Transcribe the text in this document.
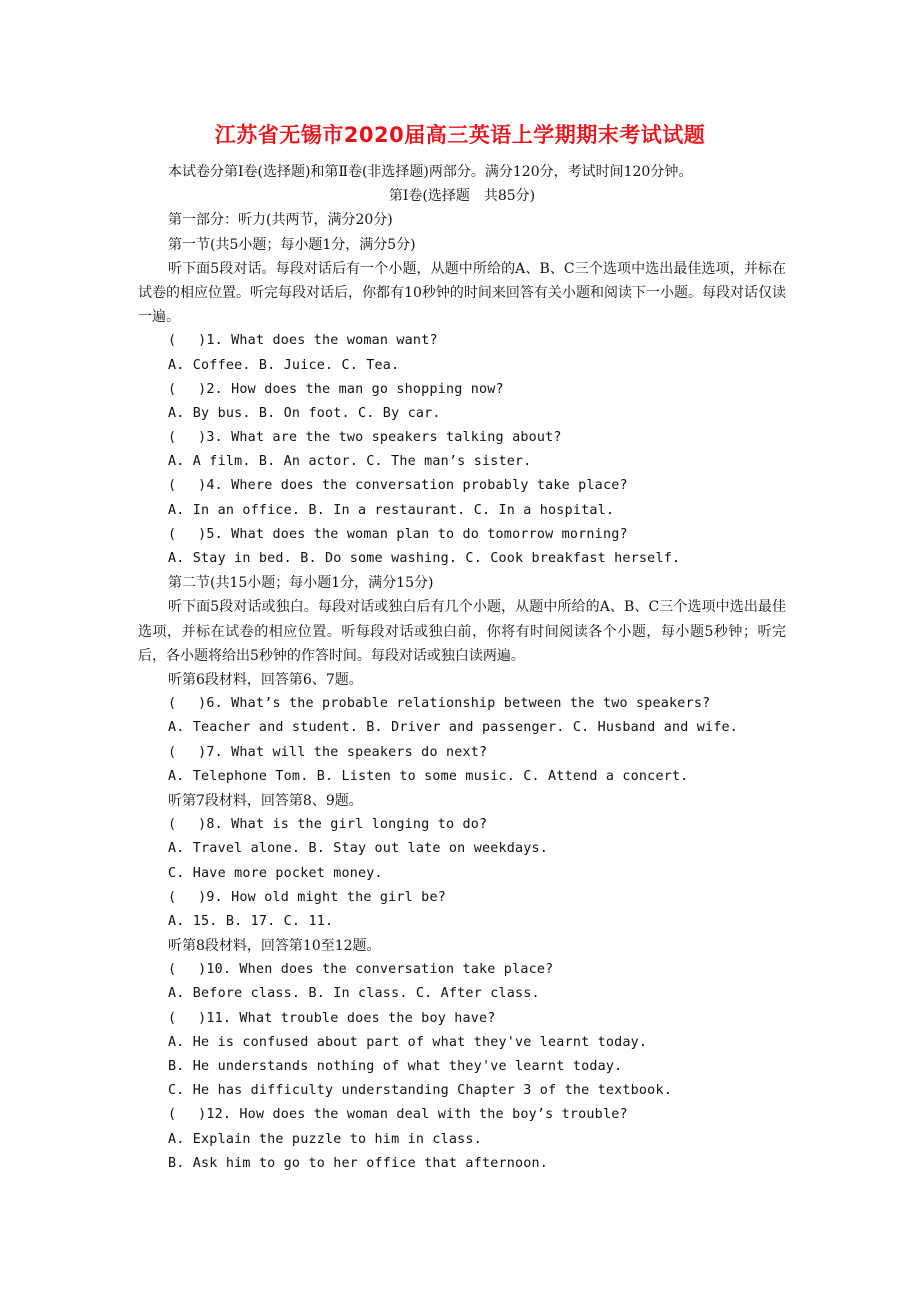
江苏省无锡市2020届高三英语上学期期末考试试题
本试卷分第Ⅰ卷(选择题)和第Ⅱ卷(非选择题)两部分。满分120分，考试时间120分钟。
第Ⅰ卷(选择题　共85分)
第一部分：听力(共两节，满分20分)
第一节(共5小题；每小题1分，满分5分)
听下面5段对话。每段对话后有一个小题，从题中所给的A、B、C三个选项中选出最佳选项，并标在试卷的相应位置。听完每段对话后，你都有10秒钟的时间来回答有关小题和阅读下一小题。每段对话仅读一遍。
(　 )1. What does the woman want?
A. Coffee. B. Juice. C. Tea.
(　 )2. How does the man go shopping now?
A. By bus. B. On foot. C. By car.
(　 )3. What are the two speakers talking about?
A. A film. B. An actor. C. The man’s sister.
(　 )4. Where does the conversation probably take place?
A. In an office. B. In a restaurant. C. In a hospital.
(　 )5. What does the woman plan to do tomorrow morning?
A. Stay in bed. B. Do some washing. C. Cook breakfast herself.
第二节(共15小题；每小题1分，满分15分)
听下面5段对话或独白。每段对话或独白后有几个小题，从题中所给的A、B、C三个选项中选出最佳选项，并标在试卷的相应位置。听每段对话或独白前，你将有时间阅读各个小题，每小题5秒钟；听完后，各小题将给出5秒钟的作答时间。每段对话或独白读两遍。
听第6段材料，回答第6、7题。
(　 )6. What’s the probable relationship between the two speakers?
A. Teacher and student. B. Driver and passenger. C. Husband and wife.
(　 )7. What will the speakers do next?
A. Telephone Tom. B. Listen to some music. C. Attend a concert.
听第7段材料，回答第8、9题。
(　 )8. What is the girl longing to do?
A. Travel alone. B. Stay out late on weekdays.
C. Have more pocket money.
(　 )9. How old might the girl be?
A. 15. B. 17. C. 11.
听第8段材料，回答第10至12题。
(　 )10. When does the conversation take place?
A. Before class. B. In class. C. After class.
(　 )11. What trouble does the boy have?
A. He is confused about part of what they've learnt today.
B. He understands nothing of what they've learnt today.
C. He has difficulty understanding Chapter 3 of the textbook.
(　 )12. How does the woman deal with the boy’s trouble?
A. Explain the puzzle to him in class.
B. Ask him to go to her office that afternoon.
